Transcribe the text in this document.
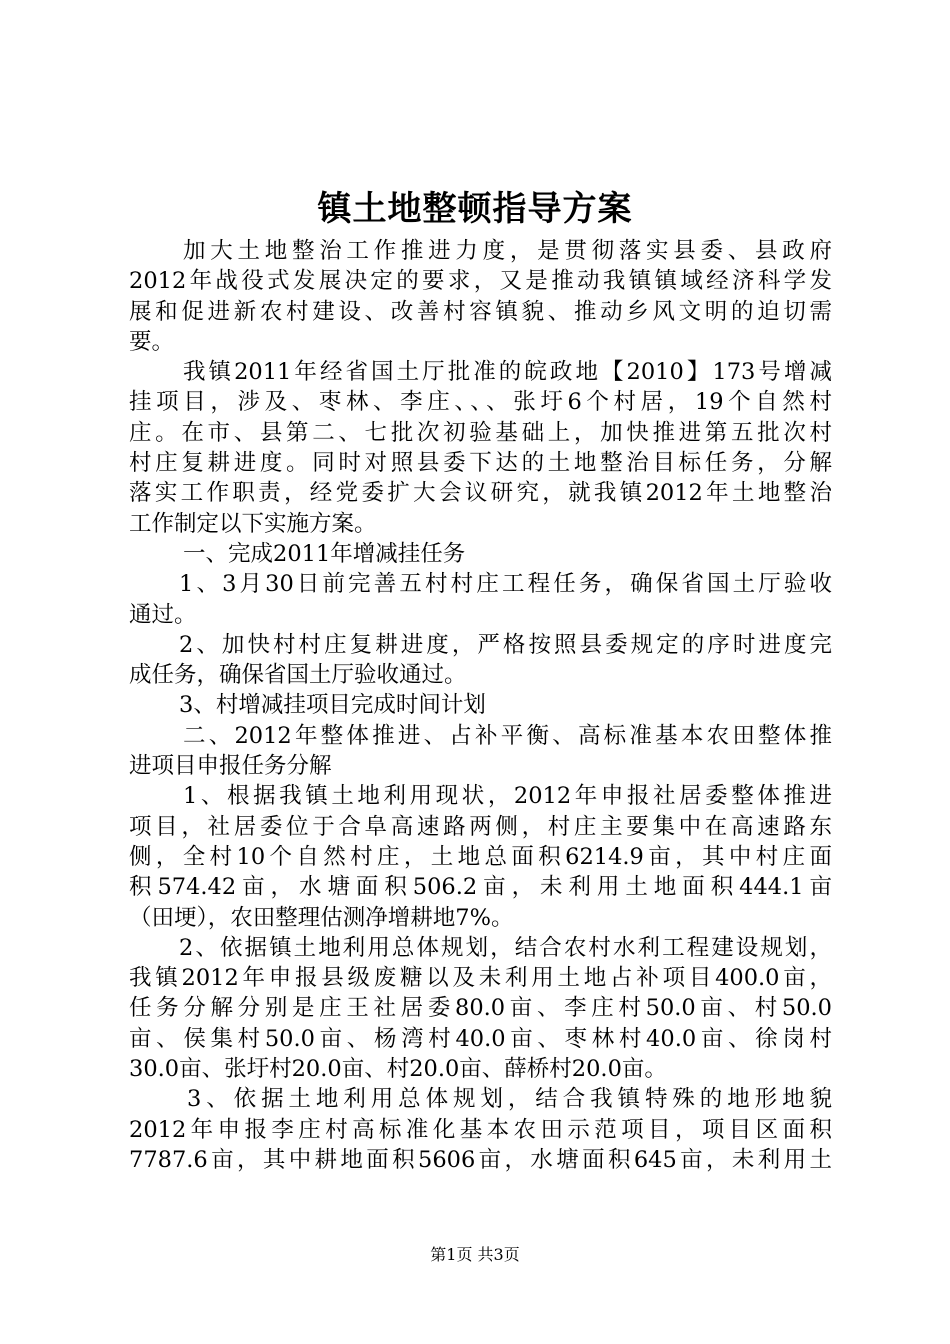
镇土地整顿指导方案
加大土地整治工作推进力度，是贯彻落实县委、县政府
2012年战役式发展决定的要求，又是推动我镇镇域经济科学发
展和促进新农村建设、改善村容镇貌、推动乡风文明的迫切需
要。
我镇2011年经省国土厅批准的皖政地【2010】173号增减
挂项目，涉及、枣林、李庄、、、张圩6个村居，19个自然村
庄。在市、县第二、七批次初验基础上，加快推进第五批次村
村庄复耕进度。同时对照县委下达的土地整治目标任务，分解
落实工作职责，经党委扩大会议研究，就我镇2012年土地整治
工作制定以下实施方案。
一、完成2011年增减挂任务
1、3月30日前完善五村村庄工程任务，确保省国土厅验收
通过。
2、加快村村庄复耕进度，严格按照县委规定的序时进度完
成任务，确保省国土厅验收通过。
3、村增减挂项目完成时间计划
二、2012年整体推进、占补平衡、高标准基本农田整体推
进项目申报任务分解
1、根据我镇土地利用现状，2012年申报社居委整体推进
项目，社居委位于合阜高速路两侧，村庄主要集中在高速路东
侧，全村10个自然村庄，土地总面积6214.9亩，其中村庄面
积574.42亩，水塘面积506.2亩，未利用土地面积444.1亩
（田埂），农田整理估测净增耕地7%。
2、依据镇土地利用总体规划，结合农村水利工程建设规划，
我镇2012年申报县级废糖以及未利用土地占补项目400.0亩，
任务分解分别是庄王社居委80.0亩、李庄村50.0亩、村50.0
亩、侯集村50.0亩、杨湾村40.0亩、枣林村40.0亩、徐岗村
30.0亩、张圩村20.0亩、村20.0亩、薛桥村20.0亩。
3、依据土地利用总体规划，结合我镇特殊的地形地貌
2012年申报李庄村高标准化基本农田示范项目，项目区面积
7787.6亩，其中耕地面积5606亩，水塘面积645亩，未利用土
第1页 共3页
